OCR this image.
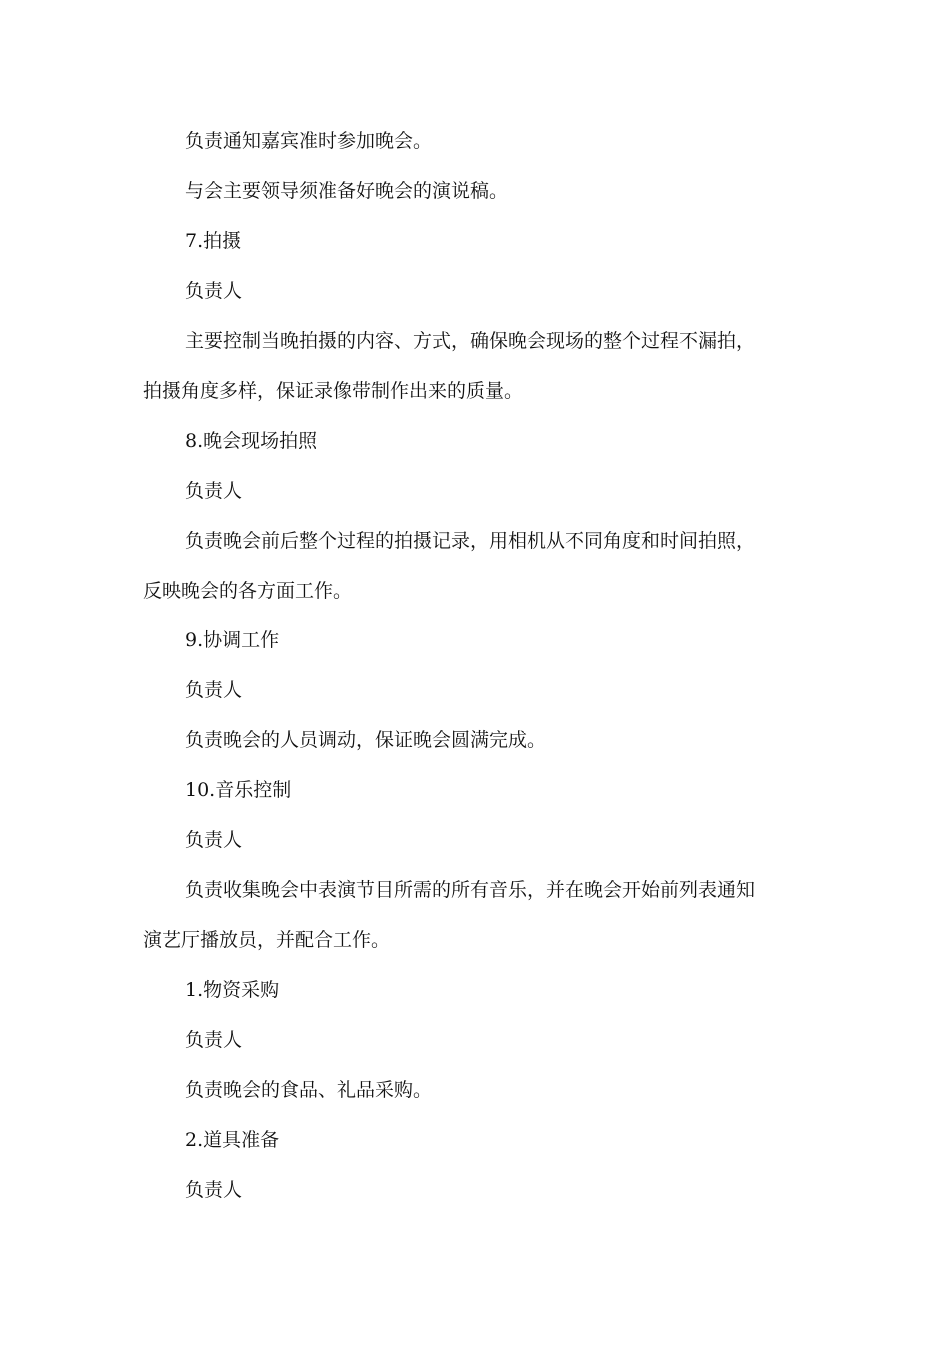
负责通知嘉宾准时参加晚会。
与会主要领导须准备好晚会的演说稿。
7.拍摄
负责人
主要控制当晚拍摄的内容、方式，确保晚会现场的整个过程不漏拍，
拍摄角度多样，保证录像带制作出来的质量。
8.晚会现场拍照
负责人
负责晚会前后整个过程的拍摄记录，用相机从不同角度和时间拍照，
反映晚会的各方面工作。
9.协调工作
负责人
负责晚会的人员调动，保证晚会圆满完成。
10.音乐控制
负责人
负责收集晚会中表演节目所需的所有音乐，并在晚会开始前列表通知
演艺厅播放员，并配合工作。
1.物资采购
负责人
负责晚会的食品、礼品采购。
2.道具准备
负责人
